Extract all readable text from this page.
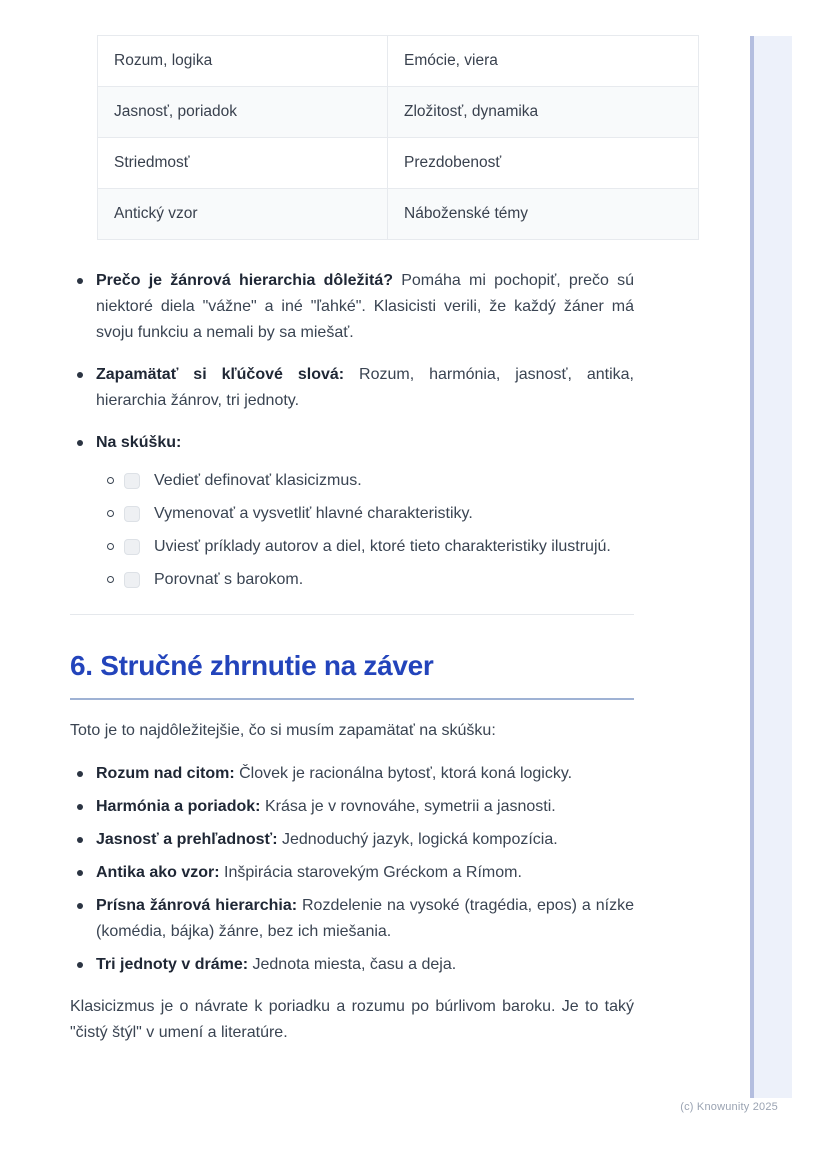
Rozum, logika	Emócie, viera
Jasnosť, poriadok	Zložitosť, dynamika
Striedmosť	Prezdobenosť
Antický vzor	Náboženské témy
Prečo je žánrová hierarchia dôležitá? Pomáha mi pochopiť, prečo sú niektoré diela "vážne" a iné "ľahké". Klasicisti verili, že každý žáner má svoju funkciu a nemali by sa miešať.
Zapamätať si kľúčové slová: Rozum, harmónia, jasnosť, antika, hierarchia žánrov, tri jednoty.
Na skúšku:
Vedieť definovať klasicizmus.
Vymenovať a vysvetliť hlavné charakteristiky.
Uviesť príklady autorov a diel, ktoré tieto charakteristiky ilustrujú.
Porovnať s barokom.
6. Stručné zhrnutie na záver

Toto je to najdôležitejšie, čo si musím zapamätať na skúšku:

Rozum nad citom: Človek je racionálna bytosť, ktorá koná logicky.
Harmónia a poriadok: Krása je v rovnováhe, symetrii a jasnosti.
Jasnosť a prehľadnosť: Jednoduchý jazyk, logická kompozícia.
Antika ako vzor: Inšpirácia starovekým Gréckom a Rímom.
Prísna žánrová hierarchia: Rozdelenie na vysoké (tragédia, epos) a nízke (komédia, bájka) žánre, bez ich miešania.
Tri jednoty v dráme: Jednota miesta, času a deja.

Klasicizmus je o návrate k poriadku a rozumu po búrlivom baroku. Je to taký "čistý štýl" v umení a literatúre.

(c) Knowunity 2025
